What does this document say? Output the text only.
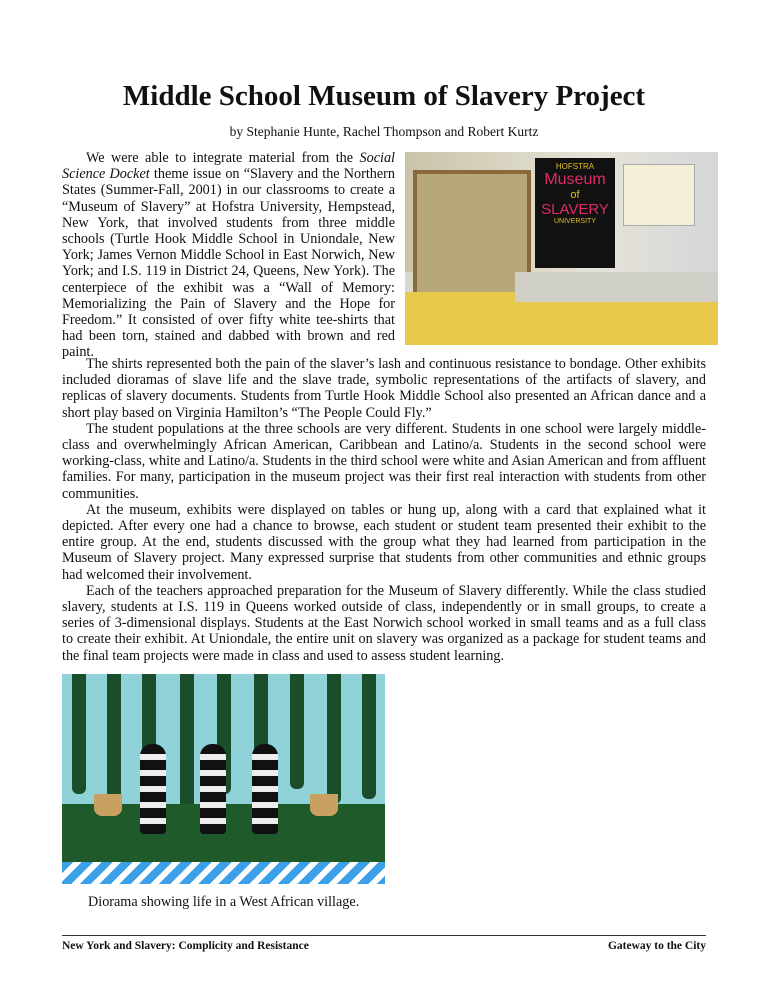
Middle School Museum of Slavery Project
by Stephanie Hunte, Rachel Thompson and Robert Kurtz

We were able to integrate material from the Social Science Docket theme issue on “Slavery and the Northern States (Summer-Fall, 2001) in our classrooms to create a “Museum of Slavery” at Hofstra University, Hempstead, New York, that involved students from three middle schools (Turtle Hook Middle School in Uniondale, New York; James Vernon Middle School in East Norwich, New York; and I.S. 119 in District 24, Queens, New York). The centerpiece of the exhibit was a “Wall of Memory: Memorializing the Pain of Slavery and the Hope for Freedom.” It consisted of over fifty white tee-shirts that had been torn, stained and dabbed with brown and red paint.

HOFSTRA
Museum
of
SLAVERY
UNIVERSITY

The shirts represented both the pain of the slaver’s lash and continuous resistance to bondage. Other exhibits included dioramas of slave life and the slave trade, symbolic representations of the artifacts of slavery, and replicas of slavery documents. Students from Turtle Hook Middle School also presented an African dance and a short play based on Virginia Hamilton’s “The People Could Fly.”

The student populations at the three schools are very different. Students in one school were largely middle-class and overwhelmingly African American, Caribbean and Latino/a. Students in the second school were working-class, white and Latino/a. Students in the third school were white and Asian American and from affluent families. For many, participation in the museum project was their first real interaction with students from other communities.

At the museum, exhibits were displayed on tables or hung up, along with a card that explained what it depicted. After every one had a chance to browse, each student or student team presented their exhibit to the entire group. At the end, students discussed with the group what they had learned from participation in the Museum of Slavery project. Many expressed surprise that students from other communities and ethnic groups had welcomed their involvement.

Each of the teachers approached preparation for the Museum of Slavery differently. While the class studied slavery, students at I.S. 119 in Queens worked outside of class, independently or in small groups, to create a series of 3-dimensional displays. Students at the East Norwich school worked in small teams and as a full class to create their exhibit. At Uniondale, the entire unit on slavery was organized as a package for student teams and the final team projects were made in class and used to assess student learning.

Diorama showing life in a West African village.
New York and Slavery: Complicity and Resistance	Gateway to the City
